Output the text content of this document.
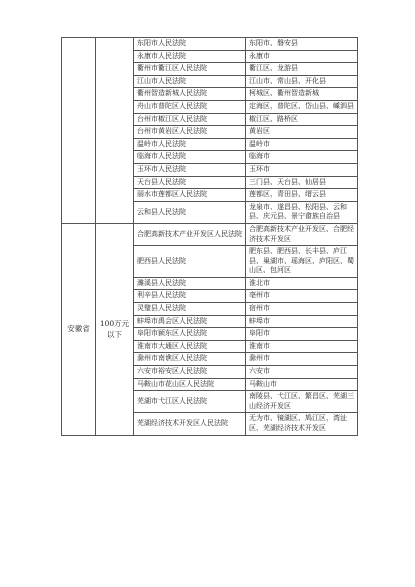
		东阳市人民法院	东阳市、磐安县
		永康市人民法院	永康市
		衢州市衢江区人民法院	衢江区、龙游县
		江山市人民法院	江山市、常山县、开化县
		衢州智造新城人民法院	柯城区、衢州智造新城
		舟山市普陀区人民法院	定海区、普陀区、岱山县、嵊泗县
		台州市椒江区人民法院	椒江区、路桥区
		台州市黄岩区人民法院	黄岩区
		温岭市人民法院	温岭市
		临海市人民法院	临海市
		玉环市人民法院	玉环市
		天台县人民法院	三门县、天台县、仙居县
		丽水市莲都区人民法院	莲都区、青田县、缙云县
		云和县人民法院	龙泉市、遂昌县、松阳县、云和县、庆元县、景宁畲族自治县
安徽省	100万元以下	合肥高新技术产业开发区人民法院	合肥高新技术产业开发区、合肥经济技术开发区
		肥西县人民法院	肥东县、肥西县、长丰县、庐江县、巢湖市、瑶海区、庐阳区、蜀山区、包河区
		濉溪县人民法院	淮北市
		利辛县人民法院	亳州市
		灵璧县人民法院	宿州市
		蚌埠市禹会区人民法院	蚌埠市
		阜阳市颍东区人民法院	阜阳市
		淮南市大通区人民法院	淮南市
		滁州市南谯区人民法院	滁州市
		六安市裕安区人民法院	六安市
		马鞍山市花山区人民法院	马鞍山市
		芜湖市弋江区人民法院	南陵县、弋江区、繁昌区、芜湖三山经济开发区
		芜湖经济技术开发区人民法院	无为市、镜湖区、鸠江区、湾沚区、芜湖经济技术开发区
